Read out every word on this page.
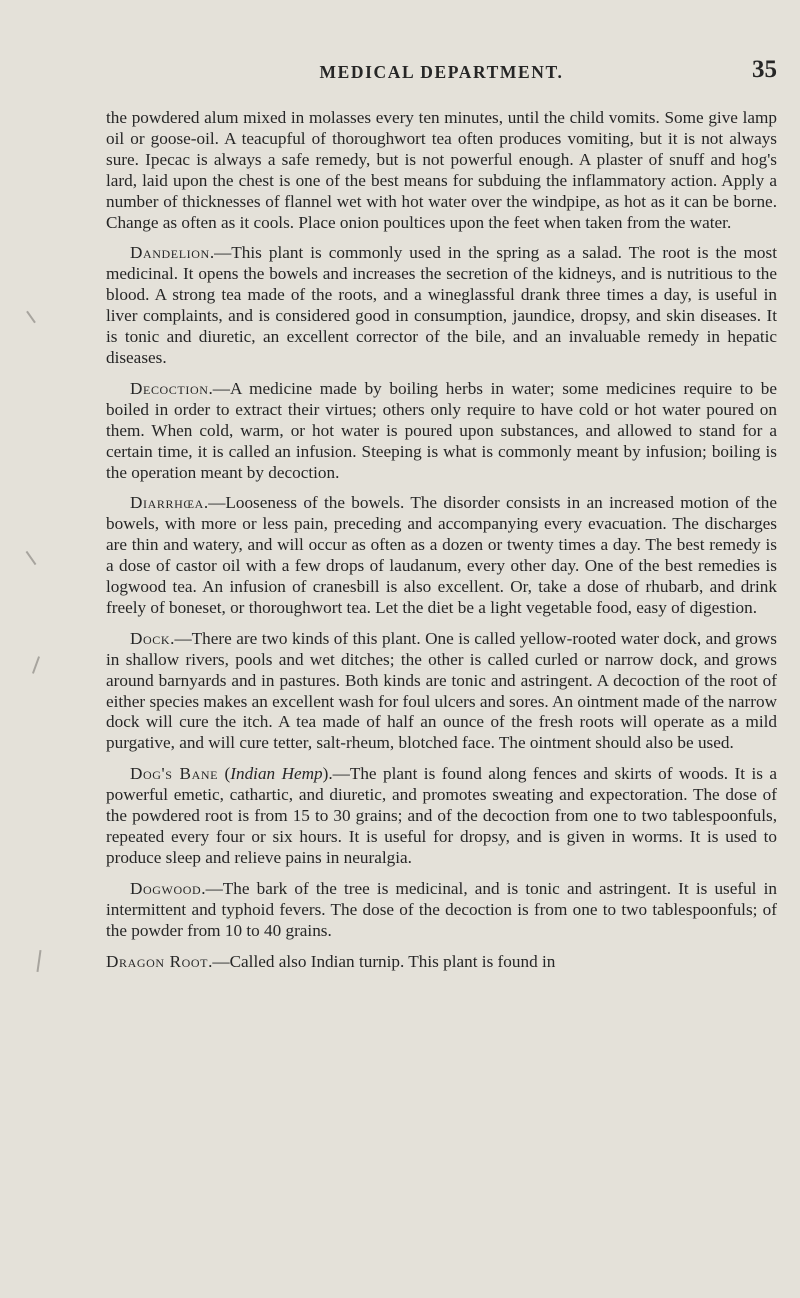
MEDICAL DEPARTMENT.	35

the powdered alum mixed in molasses every ten minutes, until the child vomits. Some give lamp oil or goose-oil. A teacupful of thoroughwort tea often produces vomiting, but it is not always sure. Ipecac is always a safe remedy, but is not powerful enough. A plaster of snuff and hog's lard, laid upon the chest is one of the best means for subduing the inflammatory action. Apply a number of thicknesses of flannel wet with hot water over the windpipe, as hot as it can be borne. Change as often as it cools. Place onion poultices upon the feet when taken from the water.

Dandelion.—This plant is commonly used in the spring as a salad. The root is the most medicinal. It opens the bowels and increases the secretion of the kidneys, and is nutritious to the blood. A strong tea made of the roots, and a wineglassful drank three times a day, is useful in liver complaints, and is considered good in consumption, jaundice, dropsy, and skin diseases. It is tonic and diuretic, an excellent corrector of the bile, and an invaluable remedy in hepatic diseases.

Decoction.—A medicine made by boiling herbs in water; some medicines require to be boiled in order to extract their virtues; others only require to have cold or hot water poured on them. When cold, warm, or hot water is poured upon substances, and allowed to stand for a certain time, it is called an infusion. Steeping is what is commonly meant by infusion; boiling is the operation meant by decoction.

Diarrhœa.—Looseness of the bowels. The disorder consists in an increased motion of the bowels, with more or less pain, preceding and accompanying every evacuation. The discharges are thin and watery, and will occur as often as a dozen or twenty times a day. The best remedy is a dose of castor oil with a few drops of laudanum, every other day. One of the best remedies is logwood tea. An infusion of cranesbill is also excellent. Or, take a dose of rhubarb, and drink freely of boneset, or thoroughwort tea. Let the diet be a light vegetable food, easy of digestion.

Dock.—There are two kinds of this plant. One is called yellow-rooted water dock, and grows in shallow rivers, pools and wet ditches; the other is called curled or narrow dock, and grows around barnyards and in pastures. Both kinds are tonic and astringent. A decoction of the root of either species makes an excellent wash for foul ulcers and sores. An ointment made of the narrow dock will cure the itch. A tea made of half an ounce of the fresh roots will operate as a mild purgative, and will cure tetter, salt-rheum, blotched face. The ointment should also be used.

Dog's Bane (Indian Hemp).—The plant is found along fences and skirts of woods. It is a powerful emetic, cathartic, and diuretic, and promotes sweating and expectoration. The dose of the powdered root is from 15 to 30 grains; and of the decoction from one to two tablespoonfuls, repeated every four or six hours. It is useful for dropsy, and is given in worms. It is used to produce sleep and relieve pains in neuralgia.

Dogwood.—The bark of the tree is medicinal, and is tonic and astringent. It is useful in intermittent and typhoid fevers. The dose of the decoction is from one to two tablespoonfuls; of the powder from 10 to 40 grains.

Dragon Root.—Called also Indian turnip. This plant is found in
